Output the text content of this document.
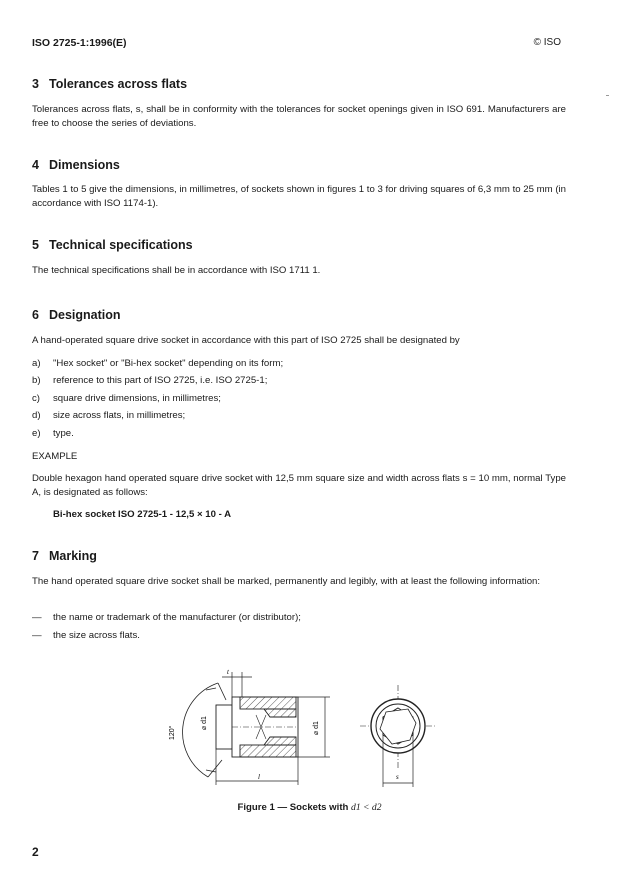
ISO 2725-1:1996(E)	© ISO
3 Tolerances across flats

Tolerances across flats, s, shall be in conformity with the tolerances for socket openings given in ISO 691. Manufacturers are free to choose the series of deviations.

4 Dimensions

Tables 1 to 5 give the dimensions, in millimetres, of sockets shown in figures 1 to 3 for driving squares of 6,3 mm to 25 mm (in accordance with ISO 1174-1).

5 Technical specifications

The technical specifications shall be in accordance with ISO 1711 1.

6 Designation

A hand-operated square drive socket in accordance with this part of ISO 2725 shall be designated by

a) "Hex socket" or "Bi-hex socket" depending on its form;
b) reference to this part of ISO 2725, i.e. ISO 2725-1;
c) square drive dimensions, in millimetres;
d) size across flats, in millimetres;
e) type.
EXAMPLE

Double hexagon hand operated square drive socket with 12,5 mm square size and width across flats s = 10 mm, normal Type A, is designated as follows:

Bi-hex socket ISO 2725-1 - 12,5 × 10 - A
7 Marking

The hand operated square drive socket shall be marked, permanently and legibly, with at least the following information:

— the name or trademark of the manufacturer (or distributor);
— the size across flats.
120°
⌀ d1
t
l
⌀ d1
s
Figure 1 — Sockets with d1 < d2
2
